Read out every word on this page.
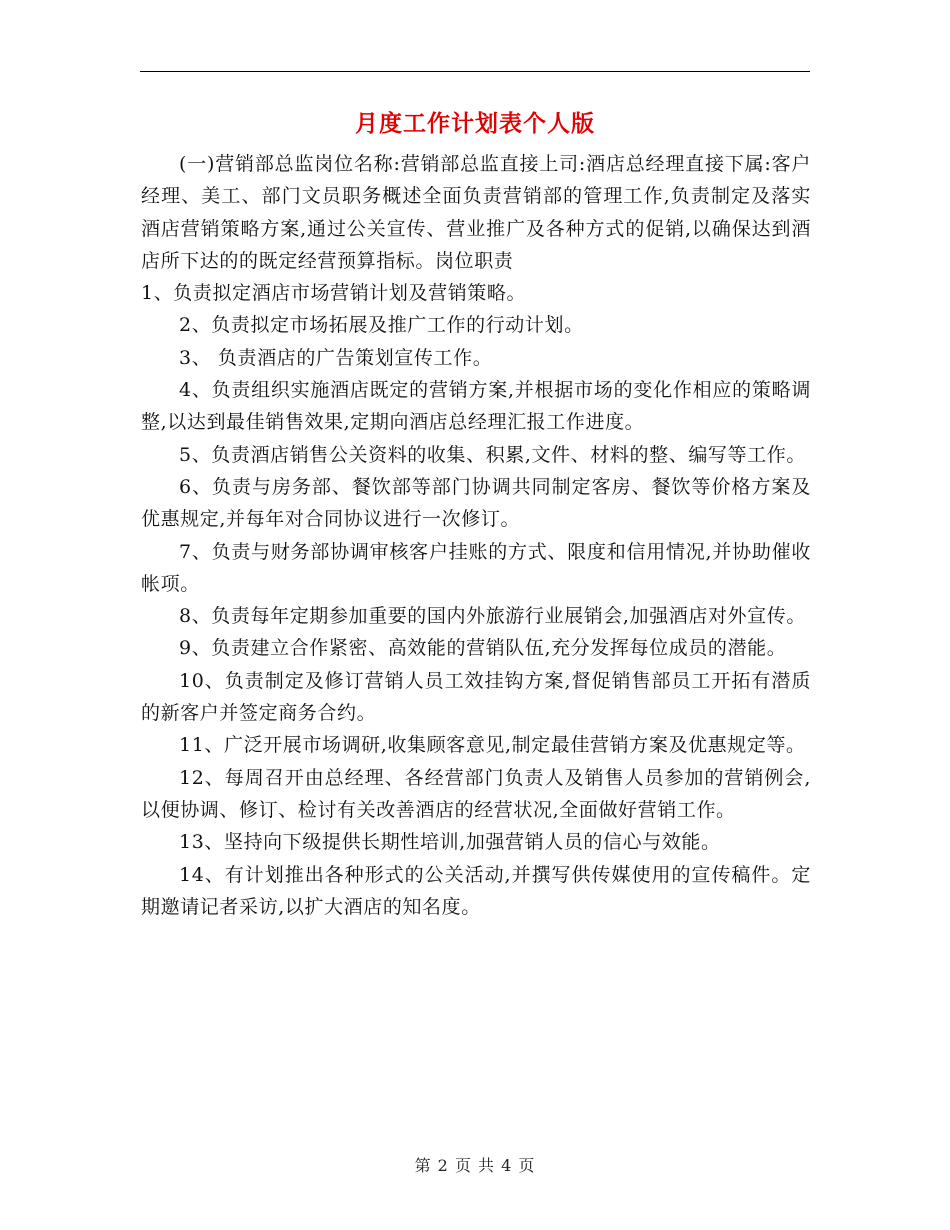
月度工作计划表个人版

(一)营销部总监岗位名称:营销部总监直接上司:酒店总经理直接下属:客户经理、美工、部门文员职务概述全面负责营销部的管理工作,负责制定及落实酒店营销策略方案,通过公关宣传、营业推广及各种方式的促销,以确保达到酒店所下达的的既定经营预算指标。岗位职责

1、负责拟定酒店市场营销计划及营销策略。

2、负责拟定市场拓展及推广工作的行动计划。

3、 负责酒店的广告策划宣传工作。

4、负责组织实施酒店既定的营销方案,并根据市场的变化作相应的策略调整,以达到最佳销售效果,定期向酒店总经理汇报工作进度。

5、负责酒店销售公关资料的收集、积累,文件、材料的整、编写等工作。

6、负责与房务部、餐饮部等部门协调共同制定客房、餐饮等价格方案及优惠规定,并每年对合同协议进行一次修订。

7、负责与财务部协调审核客户挂账的方式、限度和信用情况,并协助催收帐项。

8、负责每年定期参加重要的国内外旅游行业展销会,加强酒店对外宣传。

9、负责建立合作紧密、高效能的营销队伍,充分发挥每位成员的潜能。

10、负责制定及修订营销人员工效挂钩方案,督促销售部员工开拓有潜质的新客户并签定商务合约。

11、广泛开展市场调研,收集顾客意见,制定最佳营销方案及优惠规定等。

12、每周召开由总经理、各经营部门负责人及销售人员参加的营销例会,以便协调、修订、检讨有关改善酒店的经营状况,全面做好营销工作。

13、坚持向下级提供长期性培训,加强营销人员的信心与效能。

14、有计划推出各种形式的公关活动,并撰写供传媒使用的宣传稿件。定期邀请记者采访,以扩大酒店的知名度。

第 2 页 共 4 页
